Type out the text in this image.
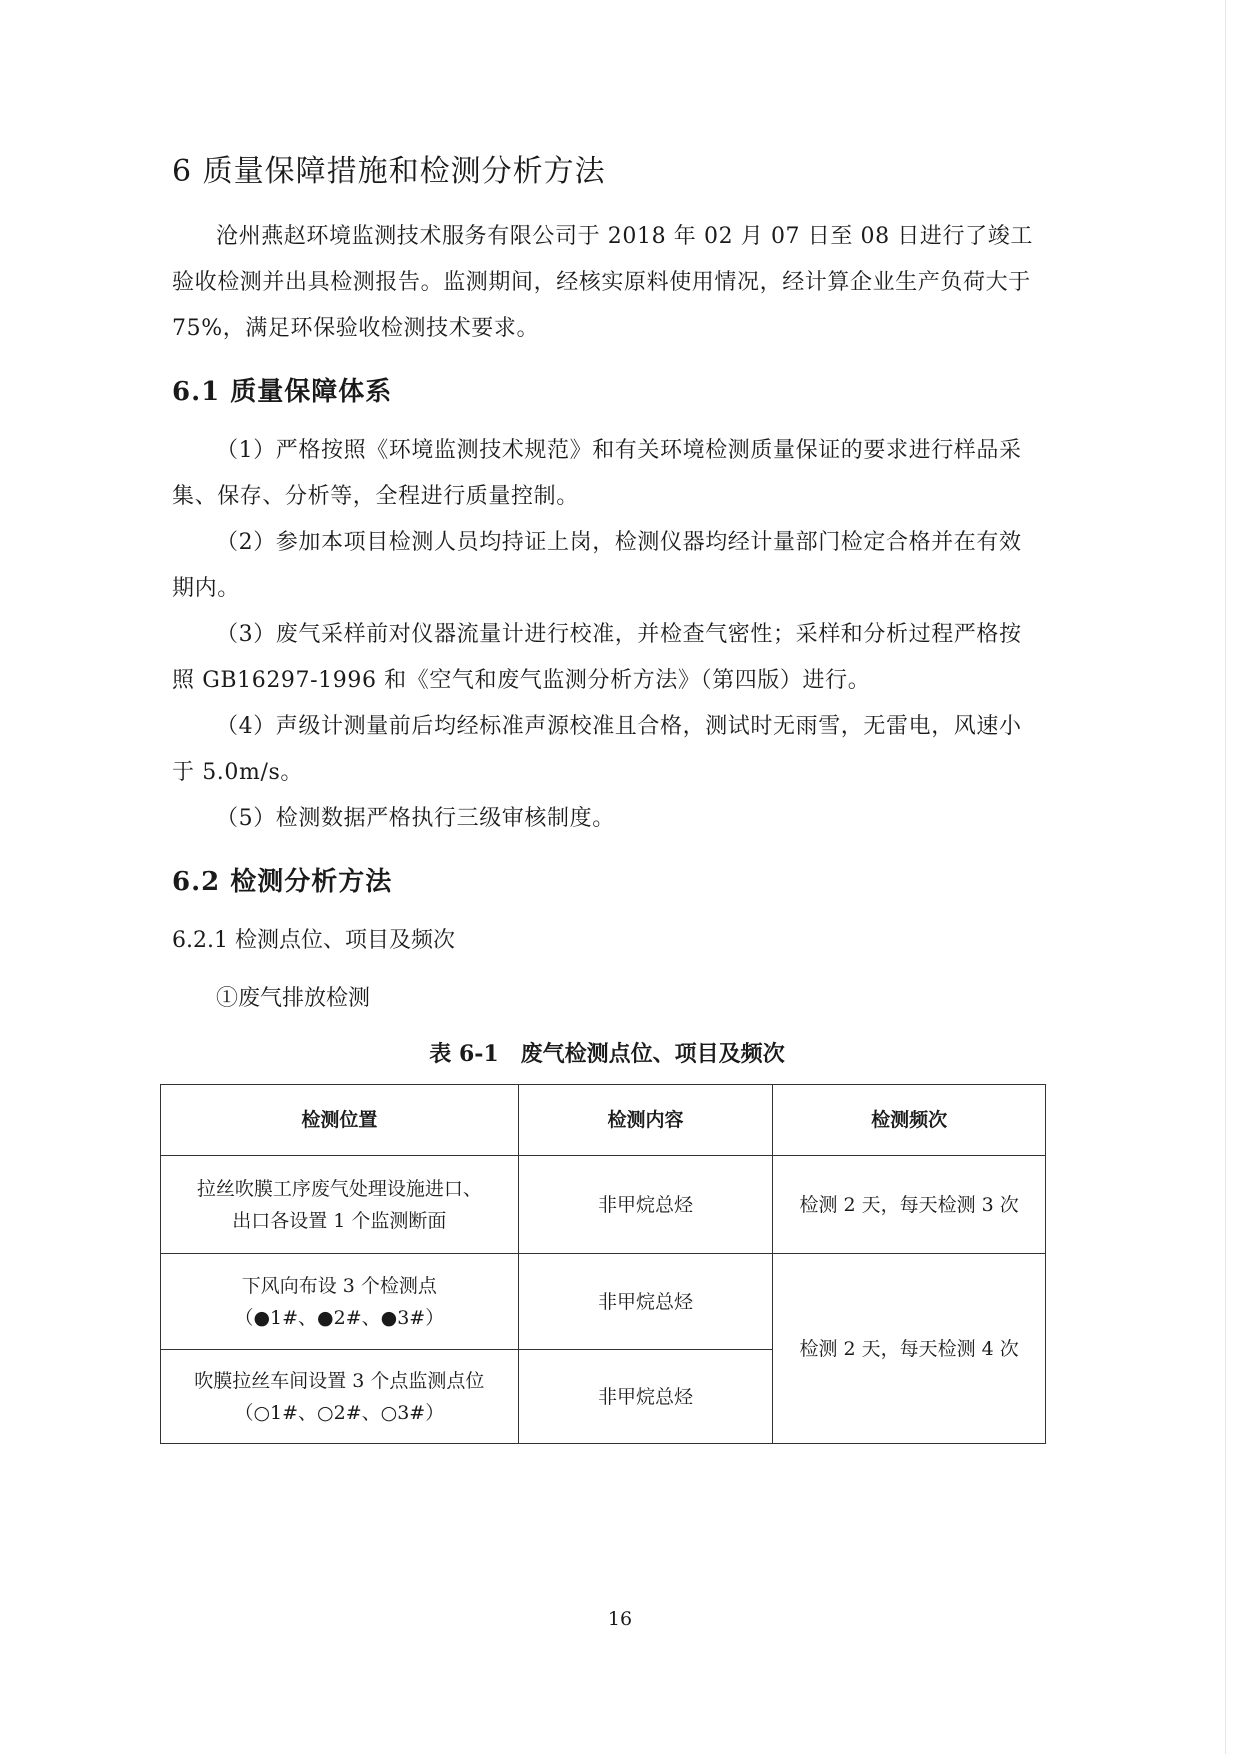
6 质量保障措施和检测分析方法

沧州燕赵环境监测技术服务有限公司于 2018 年 02 月 07 日至 08 日进行了竣工验收检测并出具检测报告。监测期间，经核实原料使用情况，经计算企业生产负荷大于 75%，满足环保验收检测技术要求。

6.1 质量保障体系

（1）严格按照《环境监测技术规范》和有关环境检测质量保证的要求进行样品采集、保存、分析等，全程进行质量控制。

（2）参加本项目检测人员均持证上岗，检测仪器均经计量部门检定合格并在有效期内。

（3）废气采样前对仪器流量计进行校准，并检查气密性；采样和分析过程严格按照 GB16297-1996 和《空气和废气监测分析方法》（第四版）进行。

（4）声级计测量前后均经标准声源校准且合格，测试时无雨雪，无雷电，风速小于 5.0m/s。

（5）检测数据严格执行三级审核制度。

6.2 检测分析方法
6.2.1 检测点位、项目及频次
①废气排放检测
表 6-1　废气检测点位、项目及频次
检测位置	检测内容	检测频次

拉丝吹膜工序废气处理设施进口、
出口各设置 1 个监测断面	非甲烷总烃	检测 2 天，每天检测 3 次

下风向布设 3 个检测点
（●1#、●2#、●3#）	非甲烷总烃	检测 2 天，每天检测 4 次

吹膜拉丝车间设置 3 个点监测点位
（○1#、○2#、○3#）	非甲烷总烃	
16
